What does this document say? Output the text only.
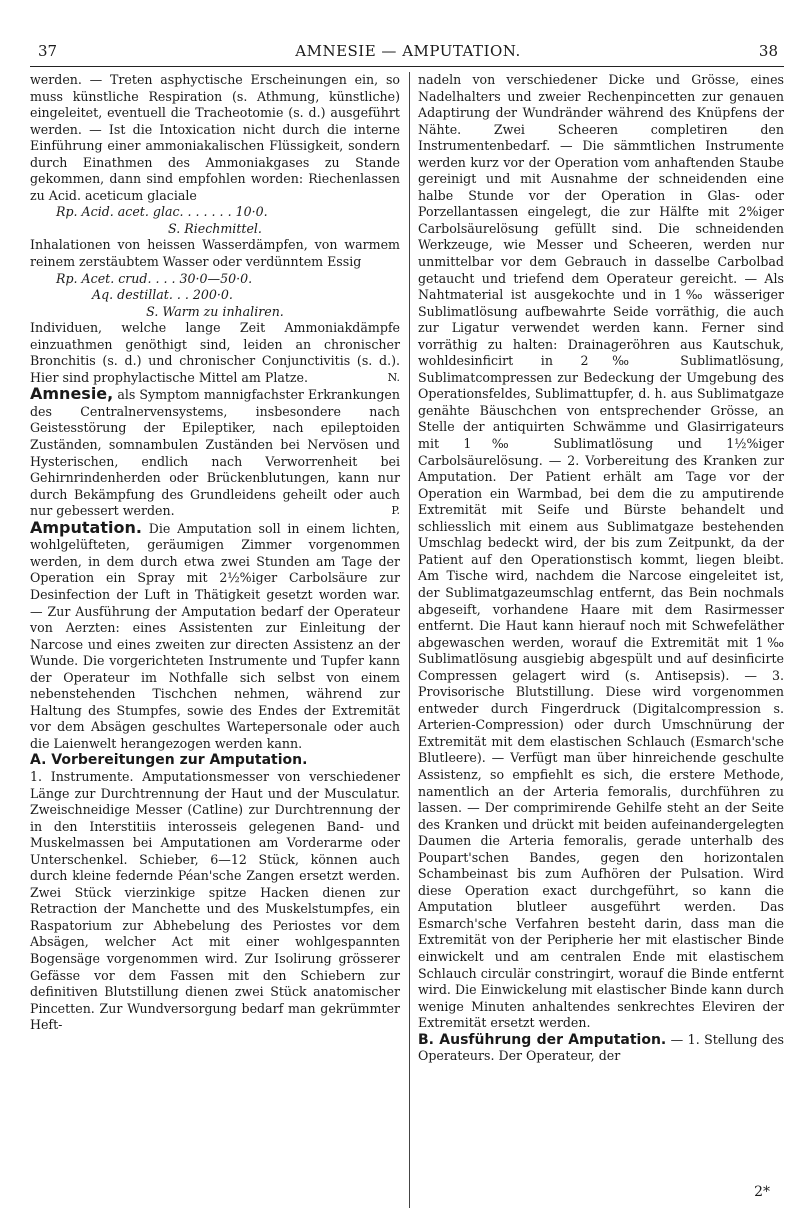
37	AMNESIE — AMPUTATION.	38

werden. — Treten asphyctische Erscheinungen ein, so muss künstliche Respiration (s. Athmung, künstliche) eingeleitet, eventuell die Tracheotomie (s. d.) ausgeführt werden. — Ist die Intoxication nicht durch die interne Einführung einer ammoniakalischen Flüssigkeit, sondern durch Einathmen des Ammoniakgases zu Stande gekommen, dann sind empfohlen worden: Riechenlassen zu Acid. aceticum glaciale

Rp. Acid. acet. glac. . . . . . . 10·0.
S. Riechmittel.

Inhalationen von heissen Wasserdämpfen, von warmem reinem zerstäubtem Wasser oder verdünntem Essig

Rp. Acet. crud. . . . 30·0—50·0.
Aq. destillat. . . 200·0.
S. Warm zu inhaliren.

Individuen, welche lange Zeit Ammoniakdämpfe einzuathmen genöthigt sind, leiden an chronischer Bronchitis (s. d.) und chronischer Conjunctivitis (s. d.). Hier sind prophylactische Mittel am Platze.	N.

Amnesie, als Symptom mannigfachster Erkrankungen des Centralnervensystems, insbesondere nach Geistesstörung der Epileptiker, nach epileptoiden Zuständen, somnambulen Zuständen bei Nervösen und Hysterischen, endlich nach Verworrenheit bei Gehirnrindenherden oder Brückenblutungen, kann nur durch Bekämpfung des Grundleidens geheilt oder auch nur gebessert werden.	P.

Amputation. Die Amputation soll in einem lichten, wohlgelüfteten, geräumigen Zimmer vorgenommen werden, in dem durch etwa zwei Stunden am Tage der Operation ein Spray mit 2½%iger Carbolsäure zur Desinfection der Luft in Thätigkeit gesetzt worden war. — Zur Ausführung der Amputation bedarf der Operateur von Aerzten: eines Assistenten zur Einleitung der Narcose und eines zweiten zur directen Assistenz an der Wunde. Die vorgerichteten Instrumente und Tupfer kann der Operateur im Nothfalle sich selbst von einem nebenstehenden Tischchen nehmen, während zur Haltung des Stumpfes, sowie des Endes der Extremität vor dem Absägen geschultes Wartepersonale oder auch die Laienwelt herangezogen werden kann.

A. Vorbereitungen zur Amputation.

1. Instrumente. Amputationsmesser von verschiedener Länge zur Durchtrennung der Haut und der Musculatur. Zweischneidige Messer (Catline) zur Durchtrennung der in den Interstitiis interosseis gelegenen Band- und Muskelmassen bei Amputationen am Vorderarme oder Unterschenkel. Schieber, 6—12 Stück, können auch durch kleine federnde Péan'sche Zangen ersetzt werden. Zwei Stück vierzinkige spitze Hacken dienen zur Retraction der Manchette und des Muskelstumpfes, ein Raspatorium zur Abhebelung des Periostes vor dem Absägen, welcher Act mit einer wohlgespannten Bogensäge vorgenommen wird. Zur Isolirung grösserer Gefässe vor dem Fassen mit den Schiebern zur definitiven Blutstillung dienen zwei Stück anatomischer Pincetten. Zur Wundversorgung bedarf man gekrümmter Heft-

nadeln von verschiedener Dicke und Grösse, eines Nadelhalters und zweier Rechenpincetten zur genauen Adaptirung der Wundränder während des Knüpfens der Nähte. Zwei Scheeren completiren den Instrumentenbedarf. — Die sämmtlichen Instrumente werden kurz vor der Operation vom anhaftenden Staube gereinigt und mit Ausnahme der schneidenden eine halbe Stunde vor der Operation in Glas- oder Porzellantassen eingelegt, die zur Hälfte mit 2%iger Carbolsäurelösung gefüllt sind. Die schneidenden Werkzeuge, wie Messer und Scheeren, werden nur unmittelbar vor dem Gebrauch in dasselbe Carbolbad getaucht und triefend dem Operateur gereicht. — Als Nahtmaterial ist ausgekochte und in 1‰ wässeriger Sublimatlösung aufbewahrte Seide vorräthig, die auch zur Ligatur verwendet werden kann. Ferner sind vorräthig zu halten: Drainageröhren aus Kautschuk, wohldesinficirt in 2‰ Sublimatlösung, Sublimatcompressen zur Bedeckung der Umgebung des Operationsfeldes, Sublimattupfer, d. h. aus Sublimatgaze genähte Bäuschchen von entsprechender Grösse, an Stelle der antiquirten Schwämme und Glasirrigateurs mit 1‰ Sublimatlösung und 1½%iger Carbolsäurelösung. — 2. Vorbereitung des Kranken zur Amputation. Der Patient erhält am Tage vor der Operation ein Warmbad, bei dem die zu amputirende Extremität mit Seife und Bürste behandelt und schliesslich mit einem aus Sublimatgaze bestehenden Umschlag bedeckt wird, der bis zum Zeitpunkt, da der Patient auf den Operationstisch kommt, liegen bleibt. Am Tische wird, nachdem die Narcose eingeleitet ist, der Sublimatgazeumschlag entfernt, das Bein nochmals abgeseift, vorhandene Haare mit dem Rasirmesser entfernt. Die Haut kann hierauf noch mit Schwefeläther abgewaschen werden, worauf die Extremität mit 1‰ Sublimatlösung ausgiebig abgespült und auf desinficirte Compressen gelagert wird (s. Antisepsis). — 3. Provisorische Blutstillung. Diese wird vorgenommen entweder durch Fingerdruck (Digitalcompression s. Arterien-Compression) oder durch Umschnürung der Extremität mit dem elastischen Schlauch (Esmarch'sche Blutleere). — Verfügt man über hinreichende geschulte Assistenz, so empfiehlt es sich, die erstere Methode, namentlich an der Arteria femoralis, durchführen zu lassen. — Der comprimirende Gehilfe steht an der Seite des Kranken und drückt mit beiden aufeinandergelegten Daumen die Arteria femoralis, gerade unterhalb des Poupart'schen Bandes, gegen den horizontalen Schambeinast bis zum Aufhören der Pulsation. Wird diese Operation exact durchgeführt, so kann die Amputation blutleer ausgeführt werden. Das Esmarch'sche Verfahren besteht darin, dass man die Extremität von der Peripherie her mit elastischer Binde einwickelt und am centralen Ende mit elastischem Schlauch circulär constringirt, worauf die Binde entfernt wird. Die Einwickelung mit elastischer Binde kann durch wenige Minuten anhaltendes senkrechtes Eleviren der Extremität ersetzt werden.

B. Ausführung der Amputation. — 1. Stellung des Operateurs. Der Operateur, der

2*
